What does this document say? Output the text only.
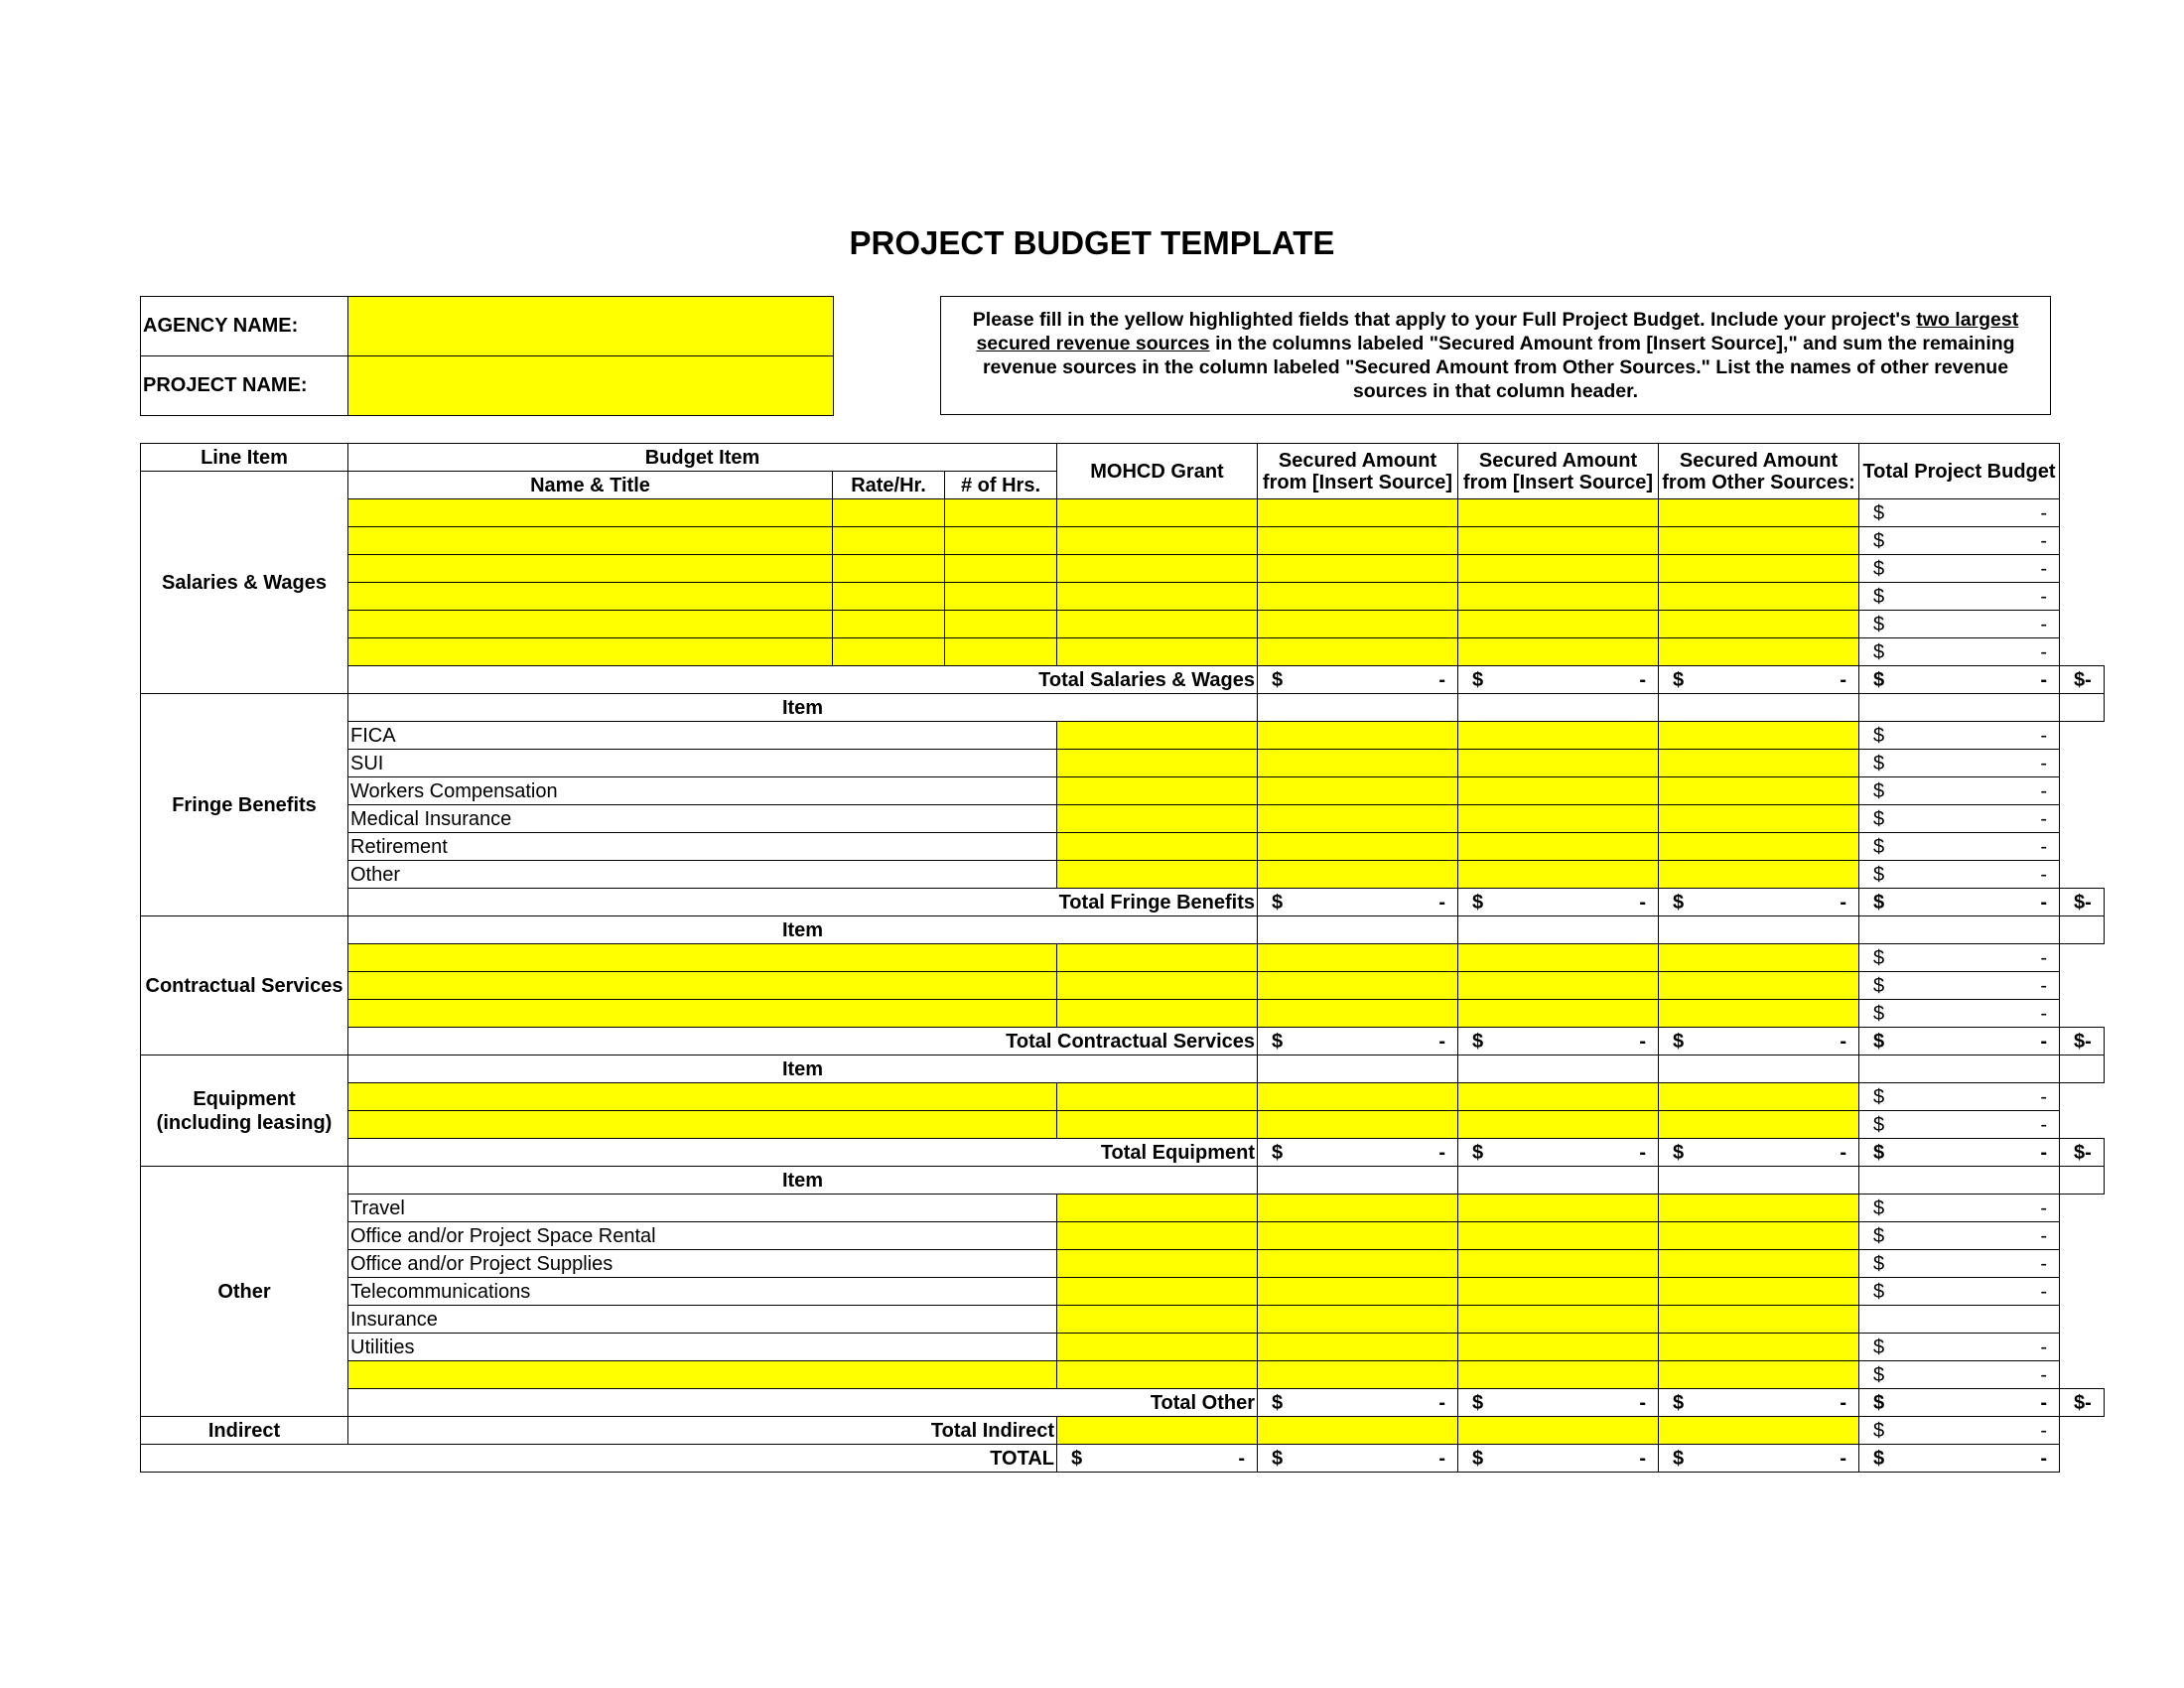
PROJECT BUDGET TEMPLATE
AGENCY NAME:	
PROJECT NAME:	
Please fill in the yellow highlighted fields that apply to your Full Project Budget. Include your project's two largest secured revenue sources in the columns labeled "Secured Amount from [Insert Source]," and sum the remaining revenue sources in the column labeled "Secured Amount from Other Sources." List the names of other revenue sources in that column header.
Line Item	Budget Item			MOHCD Grant	Secured Amount from [Insert Source]	Secured Amount from [Insert Source]	Secured Amount from Other Sources:	Total Project Budget	
Salaries & Wages	Name & Title	Rate/Hr.	# of Hrs.						

								$ -	

								$ -	

								$ -	

								$ -	

								$ -	

								$ -	

	Total Salaries & Wages				$ -	$ -	$ -	$ -	$ -

Fringe Benefits	Item								
	FICA							$ -	

	SUI							$ -	

	Workers Compensation							$ -	

	Medical Insurance							$ -	

	Retirement							$ -	

	Other							$ -	

	Total Fringe Benefits				$ -	$ -	$ -	$ -	$ -

Contractual Services	Item								

								$ -	

								$ -	

								$ -	

	Total Contractual Services				$ -	$ -	$ -	$ -	$ -

Equipment (including leasing)	Item								

								$ -	

								$ -	

	Total Equipment				$ -	$ -	$ -	$ -	$ -

Other	Item								
	Travel							$ -	

	Office and/or Project Space Rental							$ -	

	Office and/or Project Supplies							$ -	

	Telecommunications							$ -	

	Insurance								
	Utilities							$ -	

								$ -	

	Total Other				$ -	$ -	$ -	$ -	$ -

Indirect	Total Indirect							$ -	

TOTAL				$ -	$ -	$ -	$ -	$ -	
